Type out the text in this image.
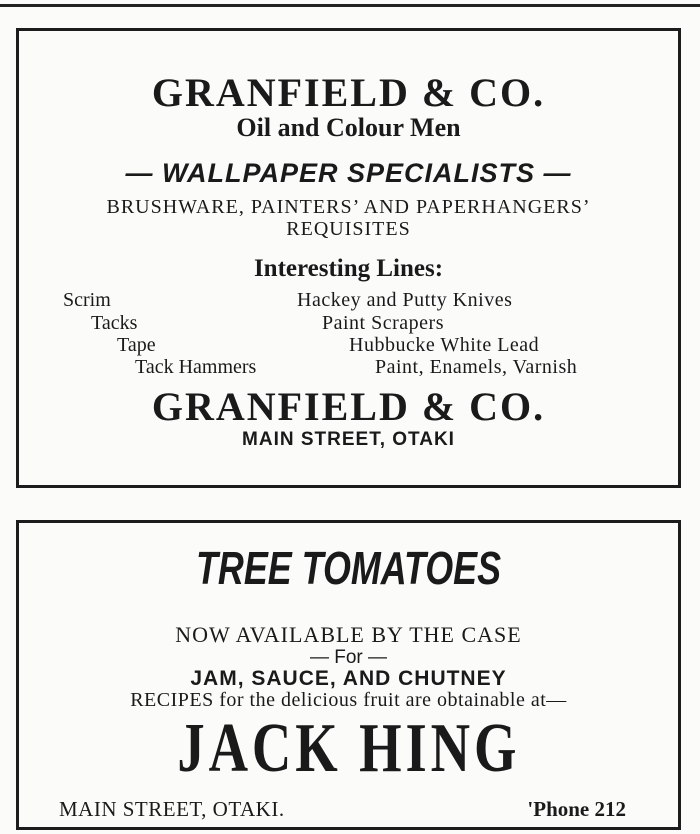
GRANFIELD & CO.
Oil and Colour Men
— WALLPAPER SPECIALISTS —
BRUSHWARE, PAINTERS’ AND PAPERHANGERS’
REQUISITES
Interesting Lines:
Scrim
Tacks
Tape
Tack Hammers
Hackey and Putty Knives
Paint Scrapers
Hubbucke White Lead
Paint, Enamels, Varnish
GRANFIELD & CO.
MAIN STREET, OTAKI
TREE TOMATOES
NOW AVAILABLE BY THE CASE
— For —
JAM, SAUCE, AND CHUTNEY
RECIPES for the delicious fruit are obtainable at—
JACK HING
MAIN STREET, OTAKI.	'Phone 212
